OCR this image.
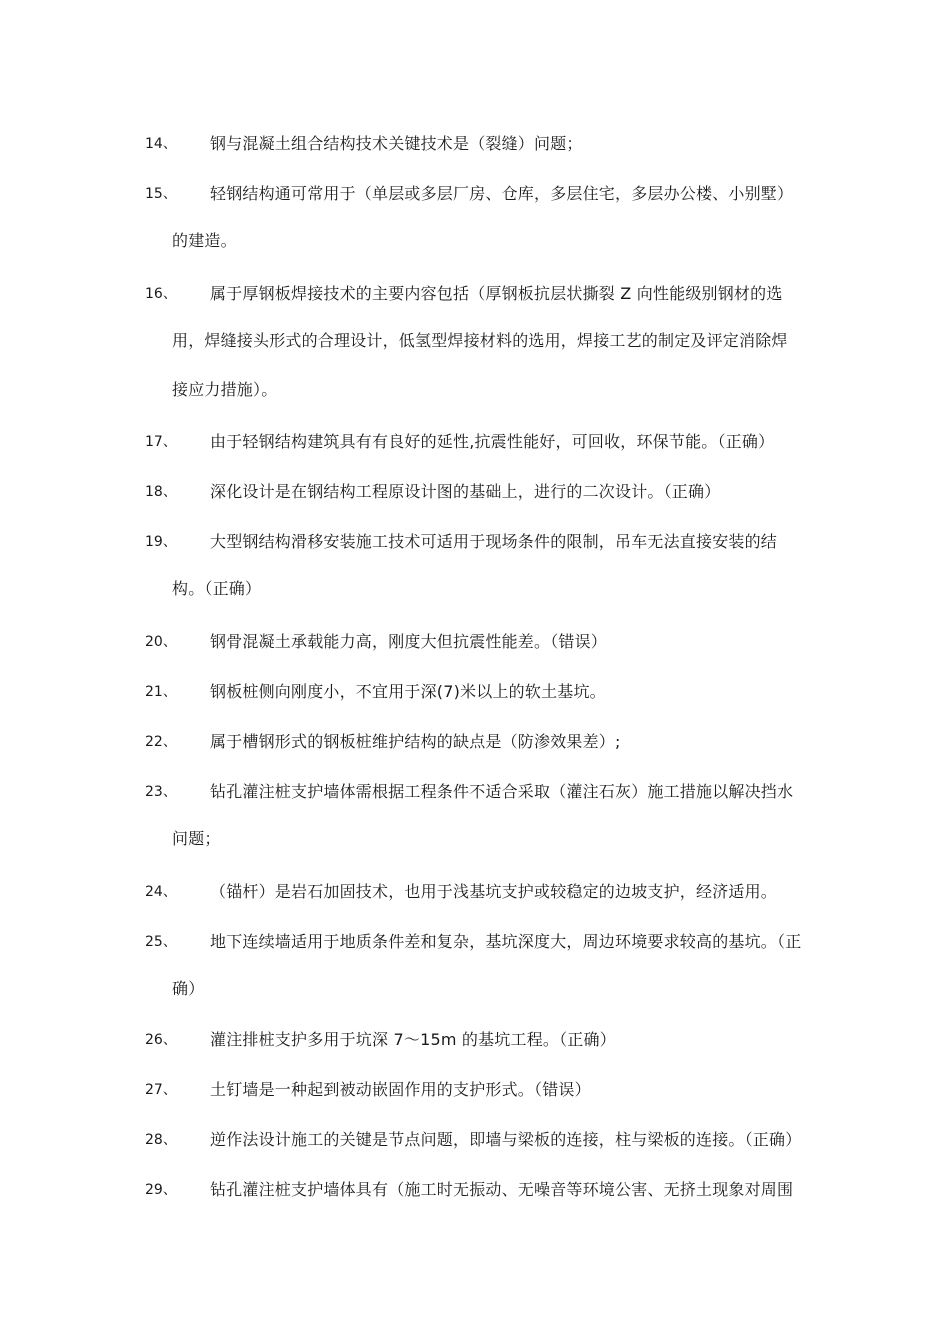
14、 钢与混凝土组合结构技术关键技术是（裂缝）问题；
15、 轻钢结构通可常用于（单层或多层厂房、仓库，多层住宅，多层办公楼、小别墅）
的建造。
16、 属于厚钢板焊接技术的主要内容包括（厚钢板抗层状撕裂 Z 向性能级别钢材的选
用，焊缝接头形式的合理设计，低氢型焊接材料的选用，焊接工艺的制定及评定消除焊
接应力措施）。
17、 由于轻钢结构建筑具有有良好的延性,抗震性能好，可回收，环保节能。（正确）
18、 深化设计是在钢结构工程原设计图的基础上，进行的二次设计。（正确）
19、 大型钢结构滑移安装施工技术可适用于现场条件的限制，吊车无法直接安装的结
构。（正确）
20、 钢骨混凝土承载能力高，刚度大但抗震性能差。（错误）
21、 钢板桩侧向刚度小，不宜用于深(7)米以上的软土基坑。
22、 属于槽钢形式的钢板桩维护结构的缺点是（防渗效果差）;
23、 钻孔灌注桩支护墙体需根据工程条件不适合采取（灌注石灰）施工措施以解决挡水
问题；
24、 （锚杆）是岩石加固技术，也用于浅基坑支护或较稳定的边坡支护，经济适用。
25、 地下连续墙适用于地质条件差和复杂，基坑深度大，周边环境要求较高的基坑。（正
确）
26、 灌注排桩支护多用于坑深 7～15m 的基坑工程。（正确）
27、 土钉墙是一种起到被动嵌固作用的支护形式。（错误）
28、 逆作法设计施工的关键是节点问题，即墙与梁板的连接，柱与梁板的连接。（正确）
29、 钻孔灌注桩支护墙体具有（施工时无振动、无噪音等环境公害、无挤土现象对周围
